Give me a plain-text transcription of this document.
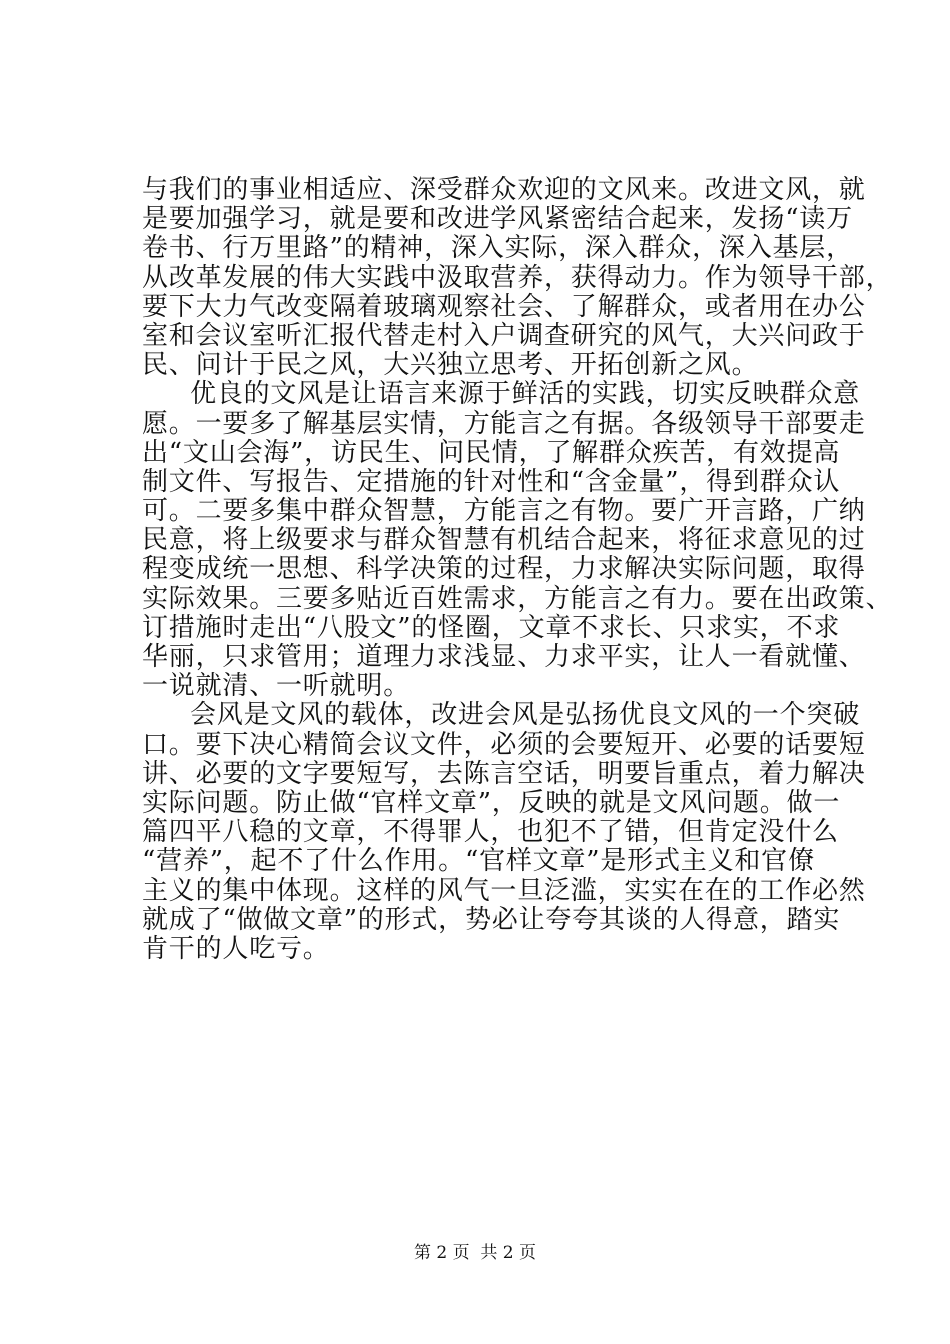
与我们的事业相适应、深受群众欢迎的文风来。改进文风，就
是要加强学习，就是要和改进学风紧密结合起来，发扬“读万
卷书、行万里路”的精神，深入实际，深入群众，深入基层，
从改革发展的伟大实践中汲取营养，获得动力。作为领导干部，
要下大力气改变隔着玻璃观察社会、了解群众，或者用在办公
室和会议室听汇报代替走村入户调查研究的风气，大兴问政于
民、问计于民之风，大兴独立思考、开拓创新之风。
优良的文风是让语言来源于鲜活的实践，切实反映群众意
愿。一要多了解基层实情，方能言之有据。各级领导干部要走
出“文山会海”，访民生、问民情，了解群众疾苦，有效提高
制文件、写报告、定措施的针对性和“含金量”，得到群众认
可。二要多集中群众智慧，方能言之有物。要广开言路，广纳
民意，将上级要求与群众智慧有机结合起来，将征求意见的过
程变成统一思想、科学决策的过程，力求解决实际问题，取得
实际效果。三要多贴近百姓需求，方能言之有力。要在出政策、
订措施时走出“八股文”的怪圈，文章不求长、只求实，不求
华丽，只求管用；道理力求浅显、力求平实，让人一看就懂、
一说就清、一听就明。
会风是文风的载体，改进会风是弘扬优良文风的一个突破
口。要下决心精简会议文件，必须的会要短开、必要的话要短
讲、必要的文字要短写，去陈言空话，明要旨重点，着力解决
实际问题。防止做“官样文章”，反映的就是文风问题。做一
篇四平八稳的文章，不得罪人，也犯不了错，但肯定没什么
“营养”，起不了什么作用。“官样文章”是形式主义和官僚
主义的集中体现。这样的风气一旦泛滥，实实在在的工作必然
就成了“做做文章”的形式，势必让夸夸其谈的人得意，踏实
肯干的人吃亏。
第 2 页 共 2 页
